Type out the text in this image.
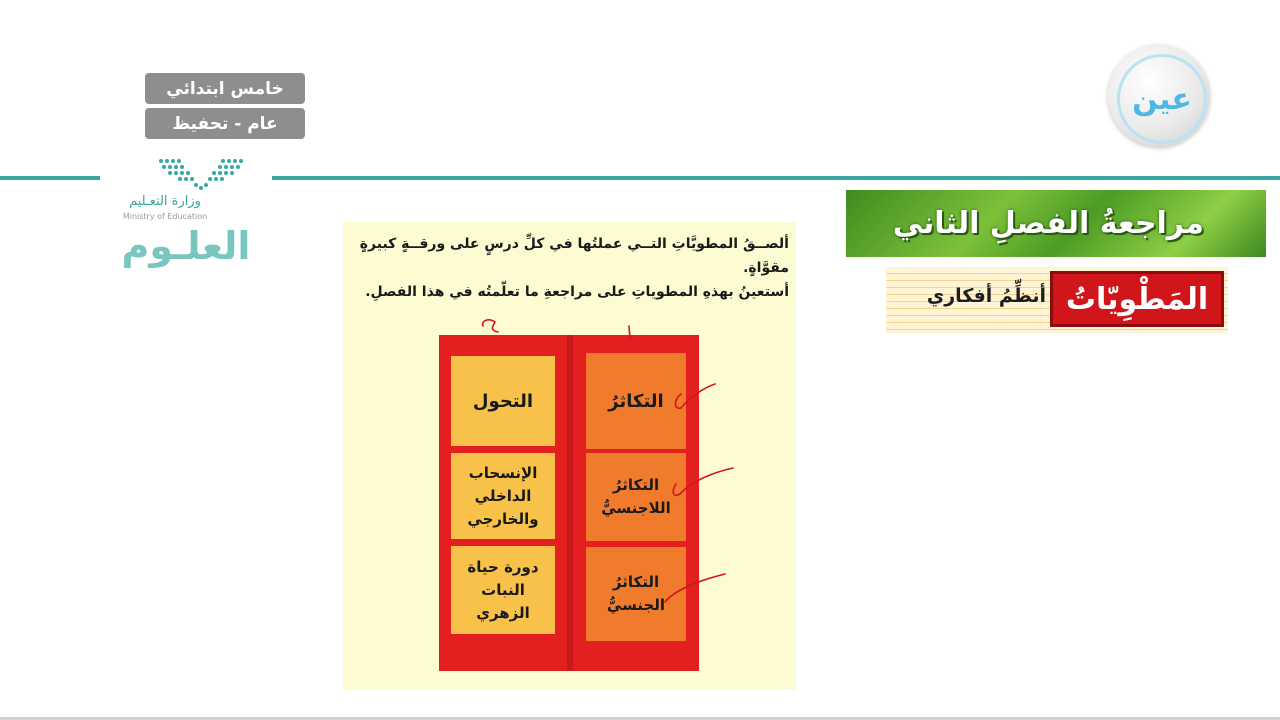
خامس ابتدائي
عام - تحفيظ
وزارة التعـليم
Ministry of Education
العلـوم
عين
مراجعةُ الفصلِ الثاني
المَطْوِيّاتُ
أنظِّمُ أفكاري
ألصــقُ المطويَّاتِ التــي عملتُها في كلِّ درسٍ على ورقــةٍ كبيرةٍ مقوَّاةٍ.
أستعينُ بهذهِ المطوياتِ على مراجعةِ ما تعلّمتُه في هذا الفصلِ.
التحول
الإنسحاب الداخلي والخارجي
دورة حياة النبات الزهري
التكاثرُ
التكاثرُ اللاجنسيُّ
التكاثرُ الجنسيُّ
